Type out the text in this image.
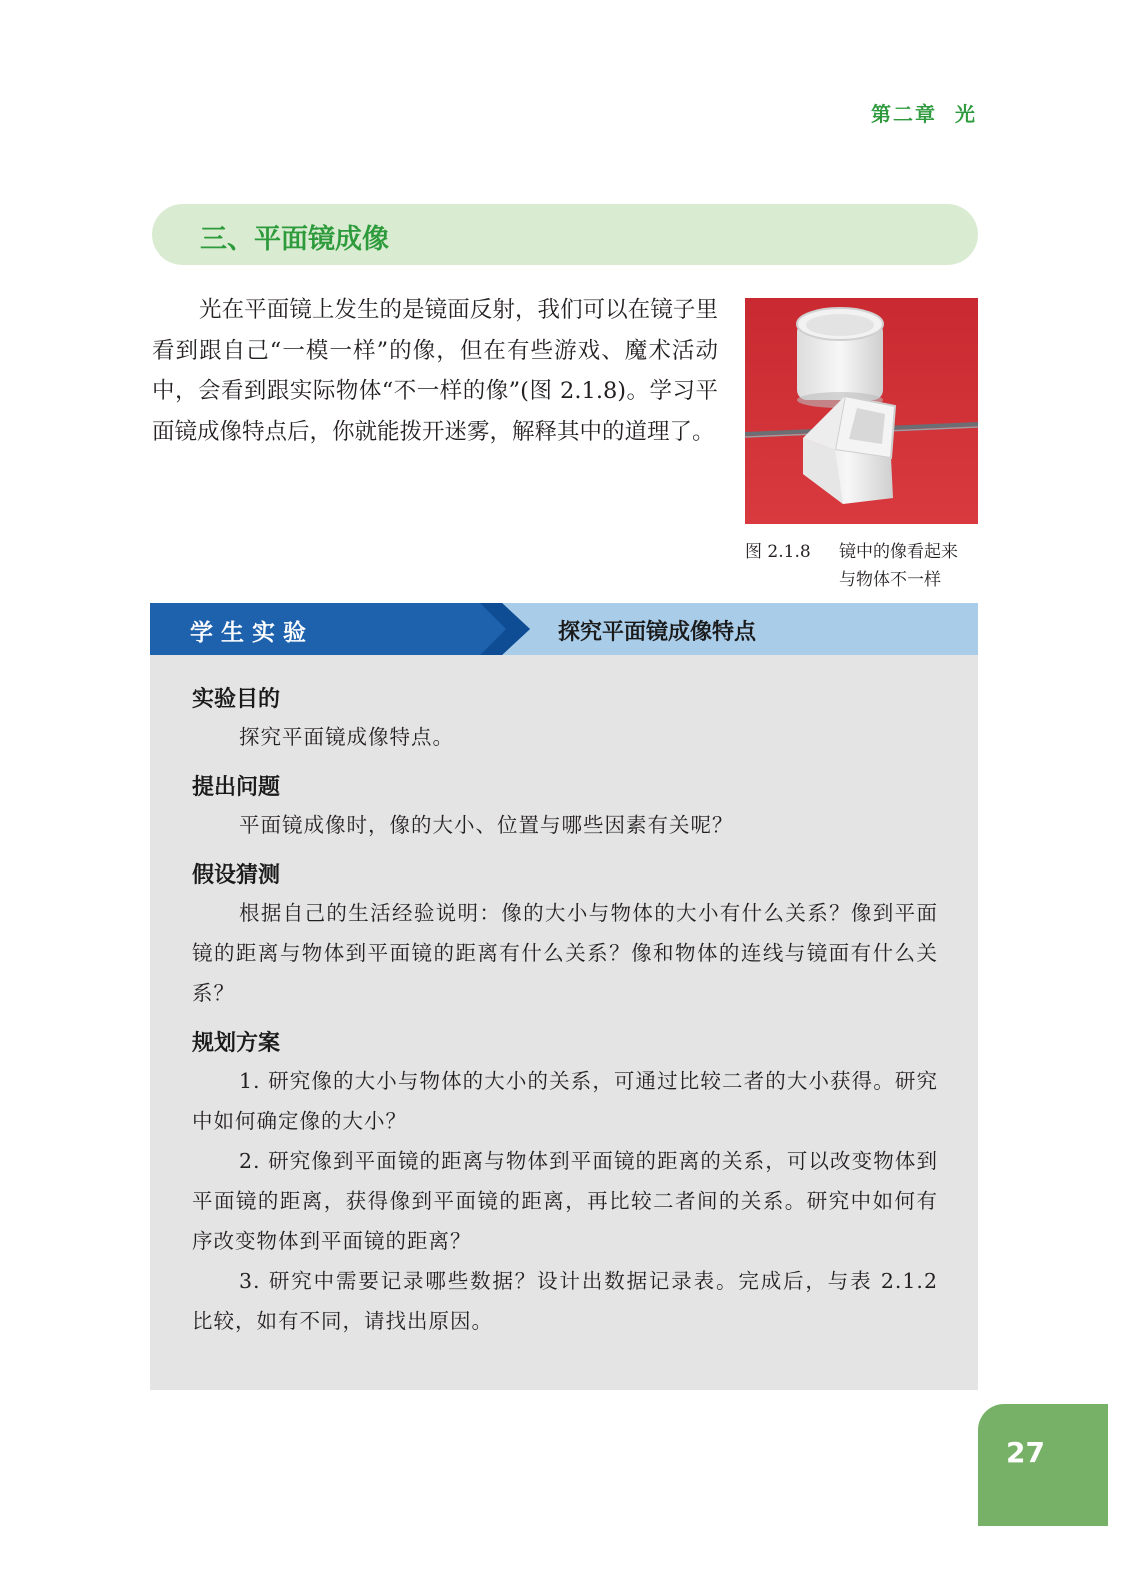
第二章 光
三、平面镜成像

光在平面镜上发生的是镜面反射，我们可以在镜子里看到跟自己“一模一样”的像，但在有些游戏、魔术活动中，会看到跟实际物体“不一样的像”(图 2.1.8)。学习平面镜成像特点后，你就能拨开迷雾，解释其中的道理了。

图 2.1.8 镜中的像看起来
与物体不一样
学生实验	探究平面镜成像特点

实验目的

探究平面镜成像特点。

提出问题

平面镜成像时，像的大小、位置与哪些因素有关呢？

假设猜测

根据自己的生活经验说明：像的大小与物体的大小有什么关系？像到平面镜的距离与物体到平面镜的距离有什么关系？像和物体的连线与镜面有什么关系？

规划方案

1. 研究像的大小与物体的大小的关系，可通过比较二者的大小获得。研究中如何确定像的大小？

2. 研究像到平面镜的距离与物体到平面镜的距离的关系，可以改变物体到平面镜的距离，获得像到平面镜的距离，再比较二者间的关系。研究中如何有序改变物体到平面镜的距离？

3. 研究中需要记录哪些数据？设计出数据记录表。完成后，与表 2.1.2 比较，如有不同，请找出原因。

27
